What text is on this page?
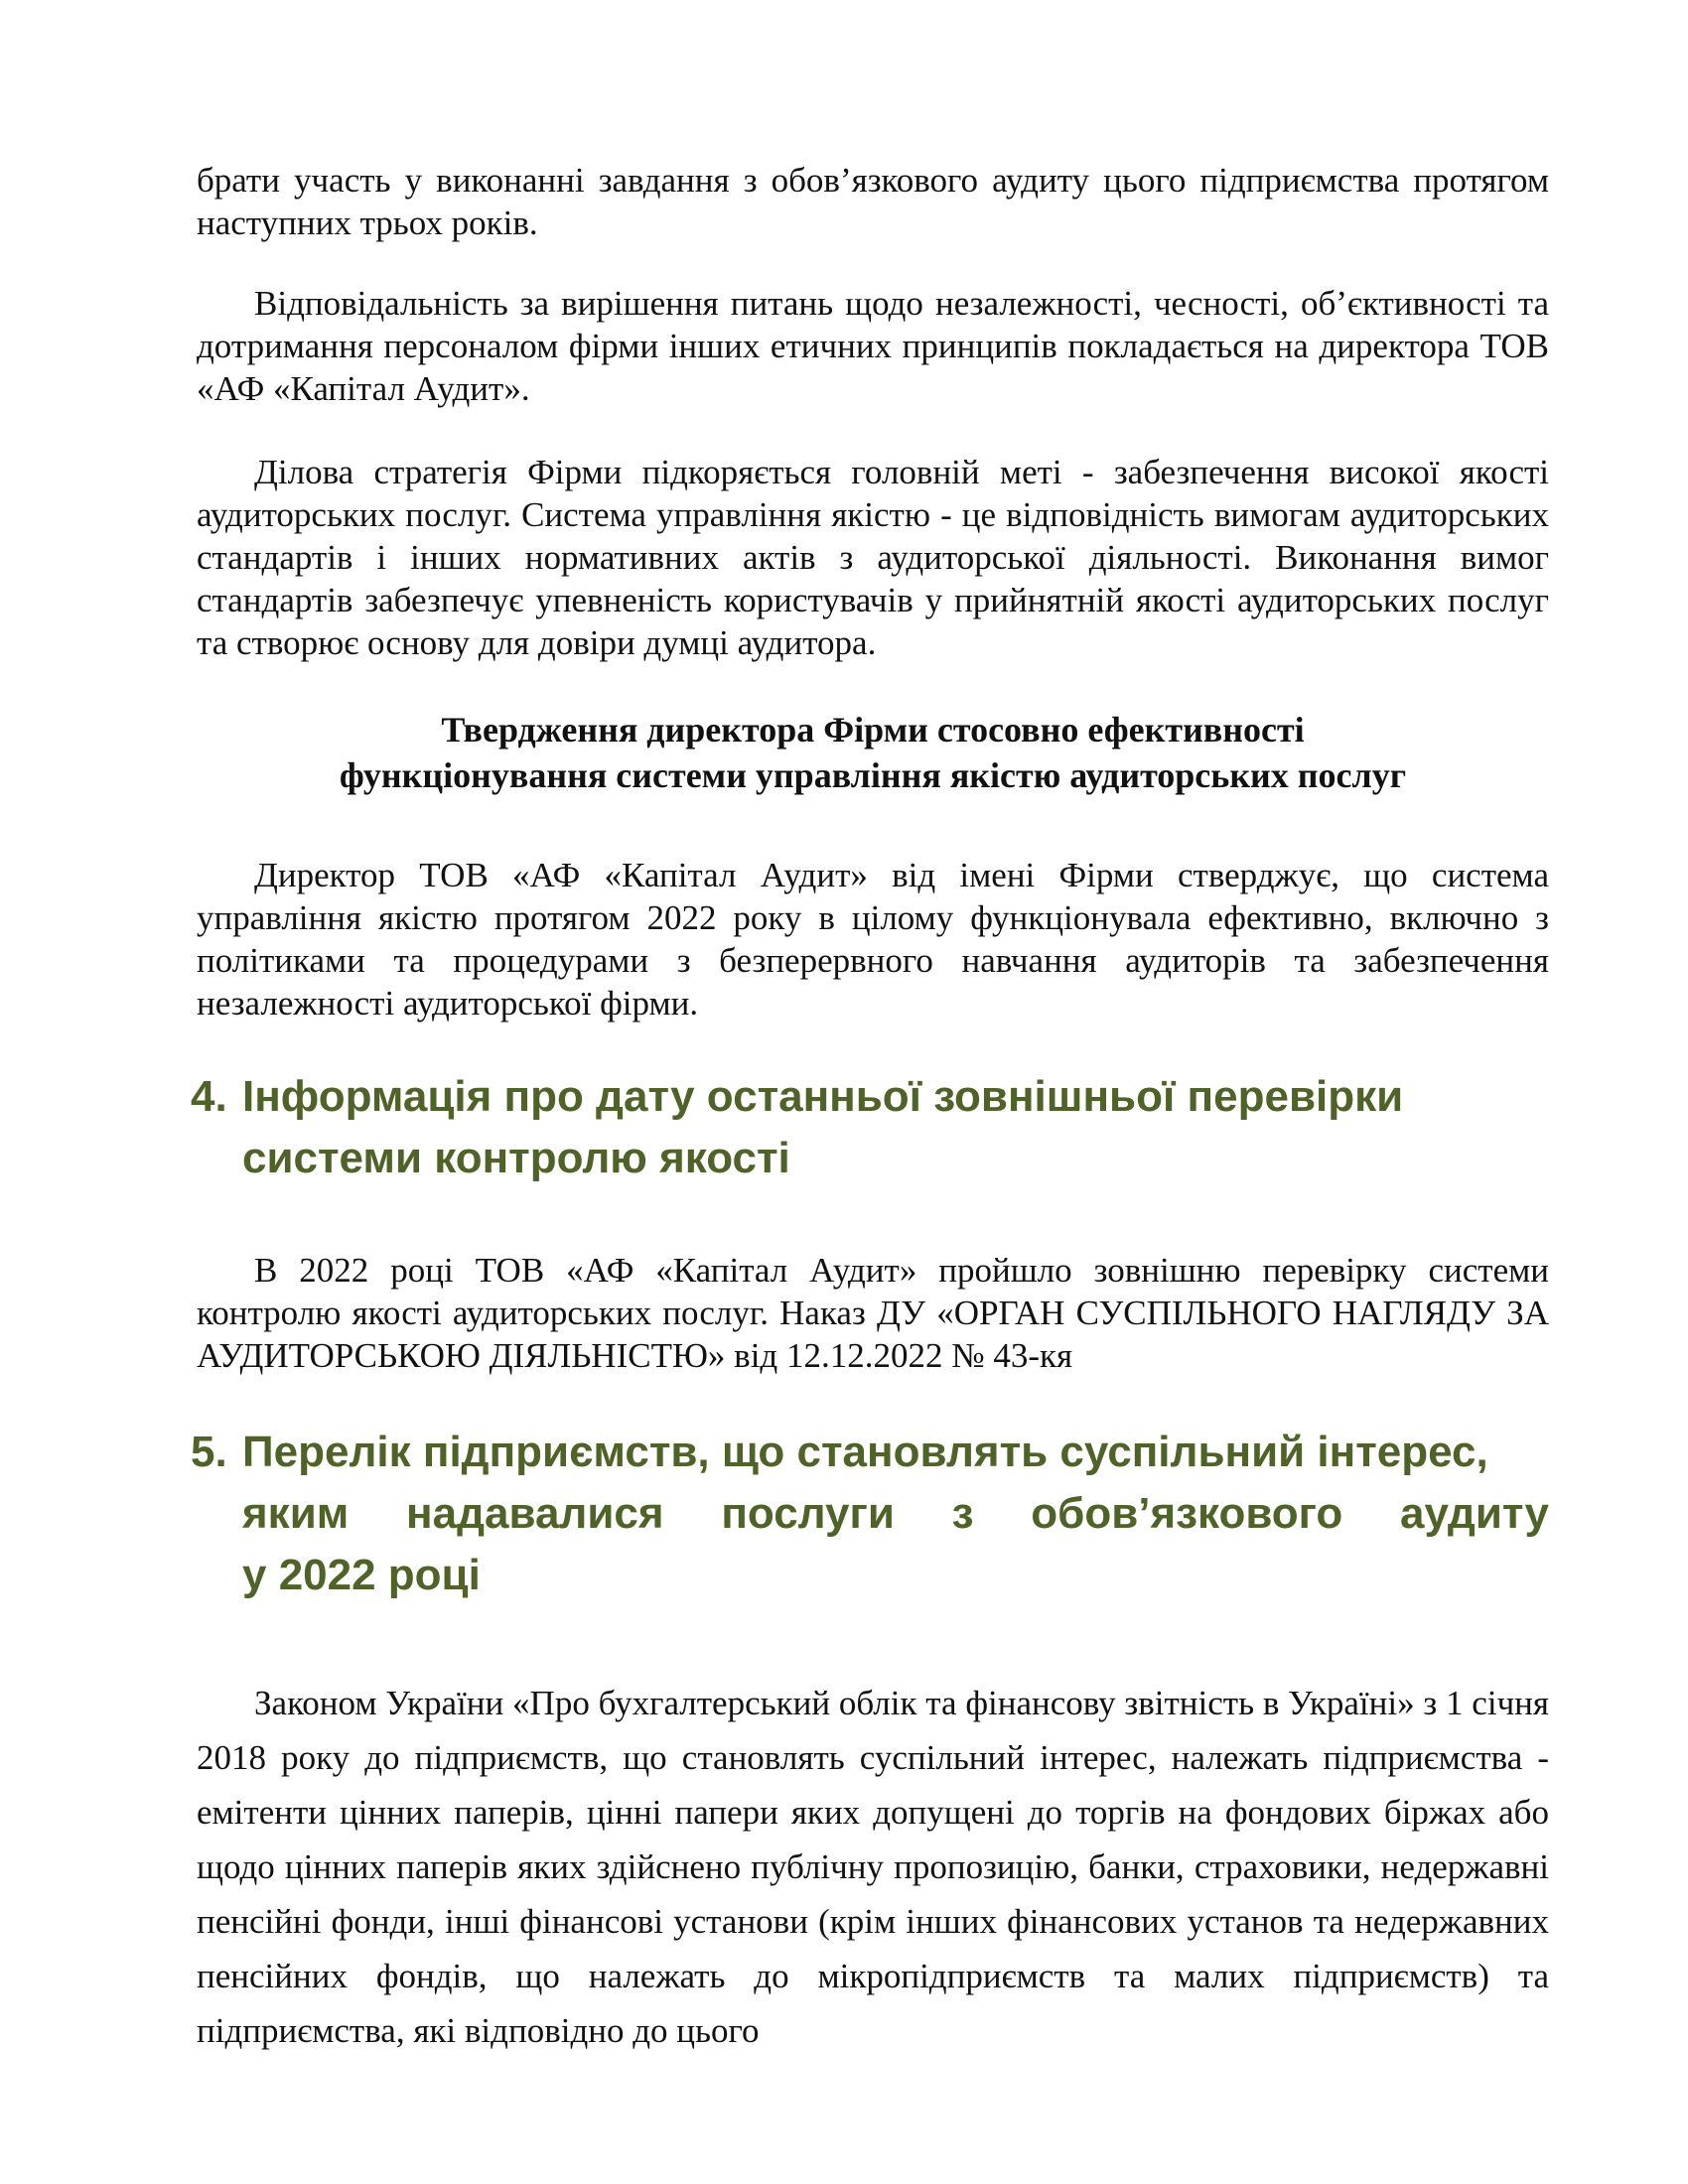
брати участь у виконанні завдання з обов’язкового аудиту цього підприємства протягом наступних трьох років.

Відповідальність за вирішення питань щодо незалежності, чесності, об’єктивності та дотримання персоналом фірми інших етичних принципів покладається на директора ТОВ «АФ «Капітал Аудит».

Ділова стратегія Фірми підкоряється головній меті - забезпечення високої якості аудиторських послуг. Система управління якістю - це відповідність вимогам аудиторських стандартів і інших нормативних актів з аудиторської діяльності. Виконання вимог стандартів забезпечує упевненість користувачів у прийнятній якості аудиторських послуг та створює основу для довіри думці аудитора.

Твердження директора Фірми стосовно ефективності
функціонування системи управління якістю аудиторських послуг

Директор ТОВ «АФ «Капітал Аудит» від імені Фірми стверджує, що система управління якістю протягом 2022 року в цілому функціонувала ефективно, включно з політиками та процедурами з безперервного навчання аудиторів та забезпечення незалежності аудиторської фірми.

4. Інформація про дату останньої зовнішньої перевірки
системи контролю якості

В 2022 році ТОВ «АФ «Капітал Аудит» пройшло зовнішню перевірку системи контролю якості аудиторських послуг. Наказ ДУ «ОРГАН СУСПІЛЬНОГО НАГЛЯДУ ЗА АУДИТОРСЬКОЮ ДІЯЛЬНІСТЮ» від 12.12.2022 № 43-кя

5. Перелік підприємств, що становлять суспільний інтерес,
яким надавалися послуги з обов’язкового аудиту
у 2022 році

Законом України «Про бухгалтерський облік та фінансову звітність в Україні» з 1 січня 2018 року до підприємств, що становлять суспільний інтерес, належать підприємства - емітенти цінних паперів, цінні папери яких допущені до торгів на фондових біржах або щодо цінних паперів яких здійснено публічну пропозицію, банки, страховики, недержавні пенсійні фонди, інші фінансові установи (крім інших фінансових установ та недержавних пенсійних фондів, що належать до мікропідприємств та малих підприємств) та підприємства, які відповідно до цього
